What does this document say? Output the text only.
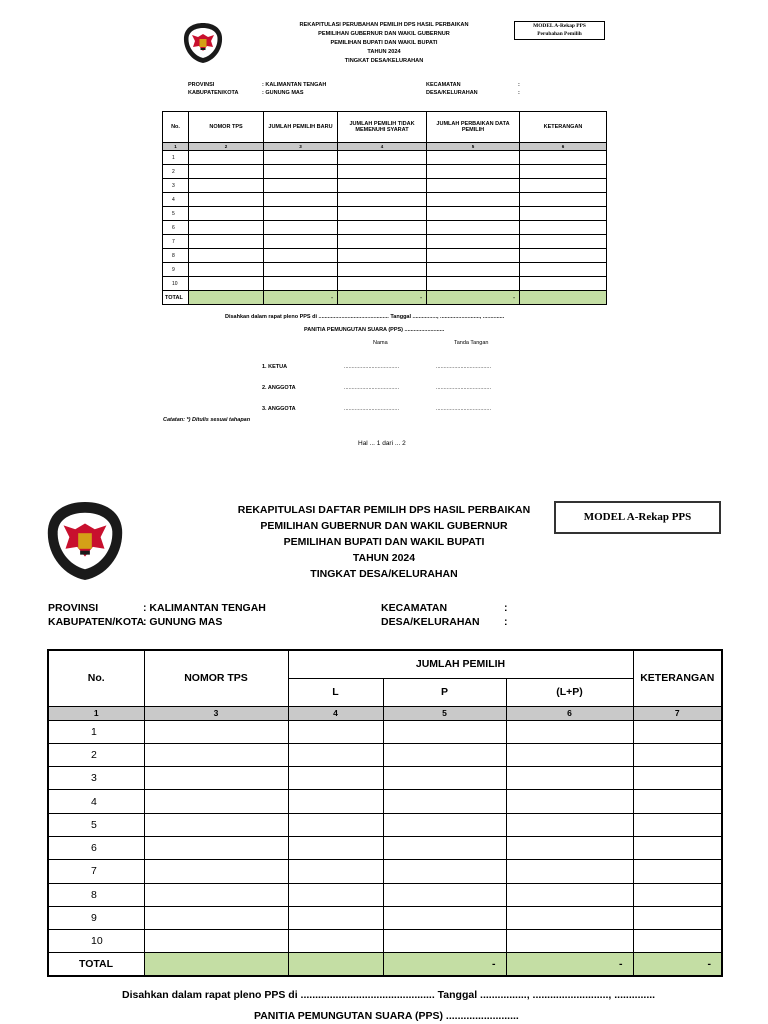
REKAPITULASI PERUBAHAN PEMILIH DPS HASIL PERBAIKAN
PEMILIHAN GUBERNUR DAN WAKIL GUBERNUR
PEMILIHAN BUPATI DAN WAKIL BUPATI
TAHUN 2024
TINGKAT DESA/KELURAHAN
MODEL A-Rekap PPS
Perubahan Pemilih
PROVINSI	: KALIMANTAN TENGAH
KABUPATEN/KOTA	: GUNUNG MAS
KECAMATAN	:
DESA/KELURAHAN	:
No.	NOMOR TPS	JUMLAH PEMILIH BARU	JUMLAH PEMILIH TIDAK MEMENUHI SYARAT	JUMLAH PERBAIKAN DATA PEMILIH	KETERANGAN
1	2	3	4	5	6
1					
2					
3					
4					
5					
6					
7					
8					
9					
10					
TOTAL		-	-	-	
Disahkan dalam rapat pleno PPS di .............................................. Tanggal ................, .........................., ..............
PANITIA PEMUNGUTAN SUARA (PPS) ..........................
Nama	Tanda Tangan
1. KETUA	....................................	....................................
2. ANGGOTA	....................................	....................................
3. ANGGOTA	....................................	....................................
Catatan: *) Ditulis sesuai tahapan
Hal ... 1 dari ... 2
REKAPITULASI DAFTAR PEMILIH DPS HASIL PERBAIKAN
PEMILIHAN GUBERNUR DAN WAKIL GUBERNUR
PEMILIHAN BUPATI DAN WAKIL BUPATI
TAHUN 2024
TINGKAT DESA/KELURAHAN
MODEL A-Rekap PPS
PROVINSI	: KALIMANTAN TENGAH
KABUPATEN/KOTA
: GUNUNG MAS
KECAMATAN	:
DESA/KELURAHAN :
No.	NOMOR TPS	JUMLAH PEMILIH			KETERANGAN
		L	P	(L+P)	
1	3	4	5	6	7
1					
2					
3					
4					
5					
6					
7					
8					
9					
10					
TOTAL			-	-	-
Disahkan dalam rapat pleno PPS di .............................................. Tanggal ................, .........................., ..............
PANITIA PEMUNGUTAN SUARA (PPS) .........................
